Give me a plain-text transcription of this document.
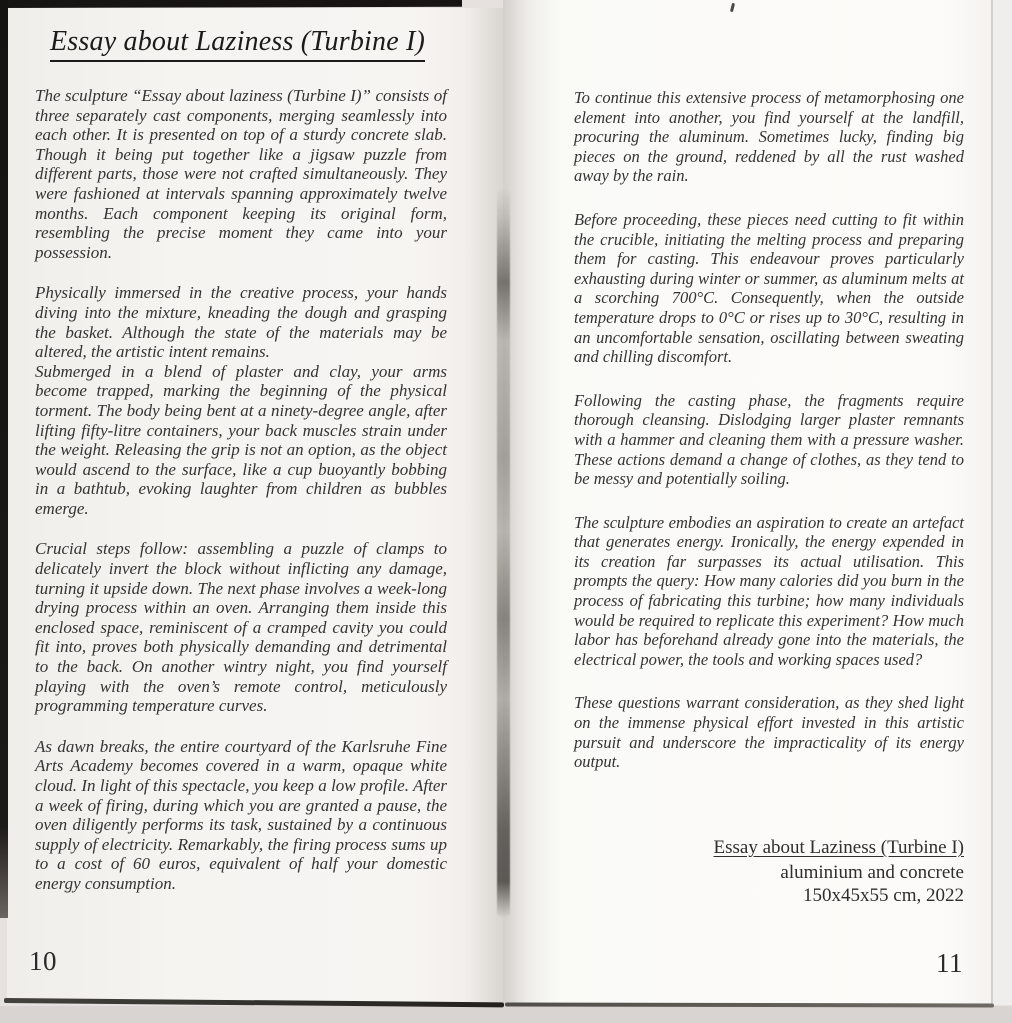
Essay about Laziness (Turbine I)

The sculpture “Essay about laziness (Turbine I)” consists of three separately cast components, merging seamlessly into each other. It is presented on top of a sturdy concrete slab. Though it being put together like a jigsaw puzzle from different parts, those were not crafted simultaneously. They were fashioned at intervals spanning approximately twelve months. Each component keeping its original form, resembling the precise moment they came into your possession.

Physically immersed in the creative process, your hands diving into the mixture, kneading the dough and grasping the basket. Although the state of the materials may be altered, the artistic intent remains.

Submerged in a blend of plaster and clay, your arms become trapped, marking the beginning of the physical torment. The body being bent at a ninety-degree angle, after lifting fifty-litre containers, your back muscles strain under the weight. Releasing the grip is not an option, as the object would ascend to the surface, like a cup buoyantly bobbing in a bathtub, evoking laughter from children as bubbles emerge.

Crucial steps follow: assembling a puzzle of clamps to delicately invert the block without inflicting any damage, turning it upside down. The next phase involves a week-long drying process within an oven. Arranging them inside this enclosed space, reminiscent of a cramped cavity you could fit into, proves both physically demanding and detrimental to the back. On another wintry night, you find yourself playing with the oven’s remote control, meticulously programming temperature curves.

As dawn breaks, the entire courtyard of the Karlsruhe Fine Arts Academy becomes covered in a warm, opaque white cloud. In light of this spectacle, you keep a low profile. After a week of firing, during which you are granted a pause, the oven diligently performs its task, sustained by a continuous supply of electricity. Remarkably, the firing process sums up to a cost of 60 euros, equivalent of half your domestic energy consumption.

10

To continue this extensive process of metamorphosing one element into another, you find yourself at the landfill, procuring the aluminum. Sometimes lucky, finding big pieces on the ground, reddened by all the rust washed away by the rain.

Before proceeding, these pieces need cutting to fit within the crucible, initiating the melting process and preparing them for casting. This endeavour proves particularly exhausting during winter or summer, as aluminum melts at a scorching 700°C. Consequently, when the outside temperature drops to 0°C or rises up to 30°C, resulting in an uncomfortable sensation, oscillating between sweating and chilling discomfort.

Following the casting phase, the fragments require thorough cleansing. Dislodging larger plaster remnants with a hammer and cleaning them with a pressure washer. These actions demand a change of clothes, as they tend to be messy and potentially soiling.

The sculpture embodies an aspiration to create an artefact that generates energy. Ironically, the energy expended in its creation far surpasses its actual utilisation. This prompts the query: How many calories did you burn in the process of fabricating this turbine; how many individuals would be required to replicate this experiment? How much labor has beforehand already gone into the materials, the electrical power, the tools and working spaces used?

These questions warrant consideration, as they shed light on the immense physical effort invested in this artistic pursuit and underscore the impracticality of its energy output.

Essay about Laziness (Turbine I)
aluminium and concrete
150x45x55 cm, 2022
11
